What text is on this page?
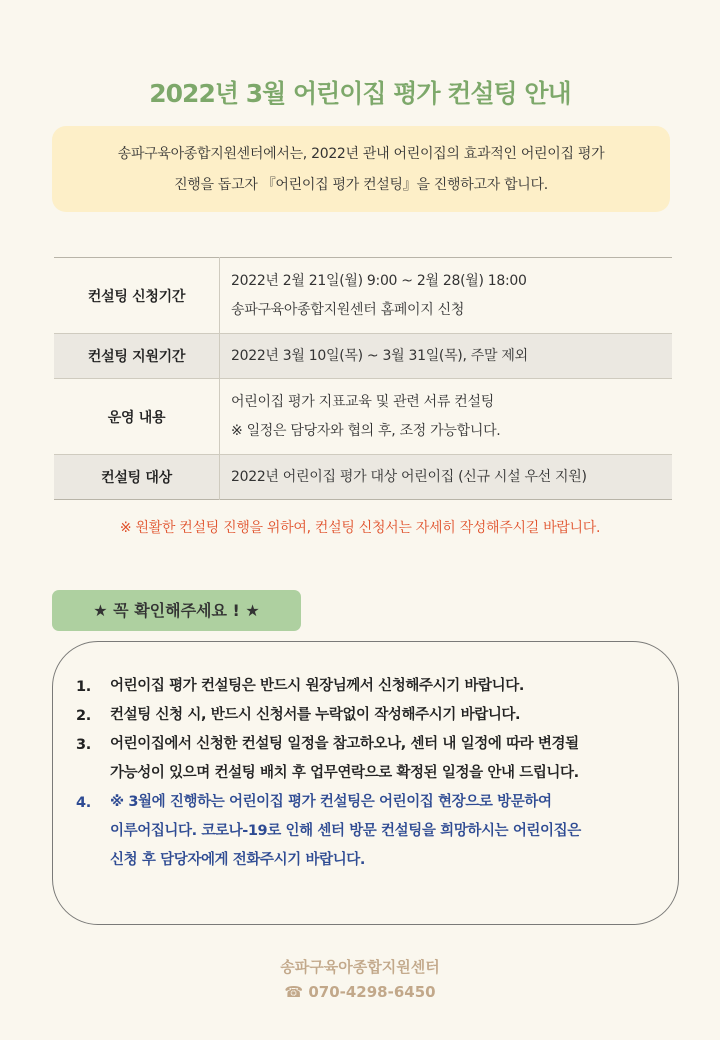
2022년 3월 어린이집 평가 컨설팅 안내
송파구육아종합지원센터에서는, 2022년 관내 어린이집의 효과적인 어린이집 평가
진행을 돕고자 『어린이집 평가 컨설팅』을 진행하고자 합니다.
컨설팅 신청기간	2022년 2월 21일(월) 9:00 ~ 2월 28(월) 18:00
송파구육아종합지원센터 홈페이지 신청

컨설팅 지원기간	2022년 3월 10일(목) ~ 3월 31일(목), 주말 제외

운영 내용	어린이집 평가 지표교육 및 관련 서류 컨설팅
※ 일정은 담당자와 협의 후, 조정 가능합니다.

컨설팅 대상	2022년 어린이집 평가 대상 어린이집 (신규 시설 우선 지원)
※ 원활한 컨설팅 진행을 위하여, 컨설팅 신청서는 자세히 작성해주시길 바랍니다.
★ 꼭 확인해주세요 ! ★
1. 어린이집 평가 컨설팅은 반드시 원장님께서 신청해주시기 바랍니다.
2. 컨설팅 신청 시, 반드시 신청서를 누락없이 작성해주시기 바랍니다.
3. 어린이집에서 신청한 컨설팅 일정을 참고하오나, 센터 내 일정에 따라 변경될
가능성이 있으며 컨설팅 배치 후 업무연락으로 확정된 일정을 안내 드립니다.
4. ※ 3월에 진행하는 어린이집 평가 컨설팅은 어린이집 현장으로 방문하여
이루어집니다. 코로나-19로 인해 센터 방문 컨설팅을 희망하시는 어린이집은
신청 후 담당자에게 전화주시기 바랍니다.
송파구육아종합지원센터
☎ 070-4298-6450
